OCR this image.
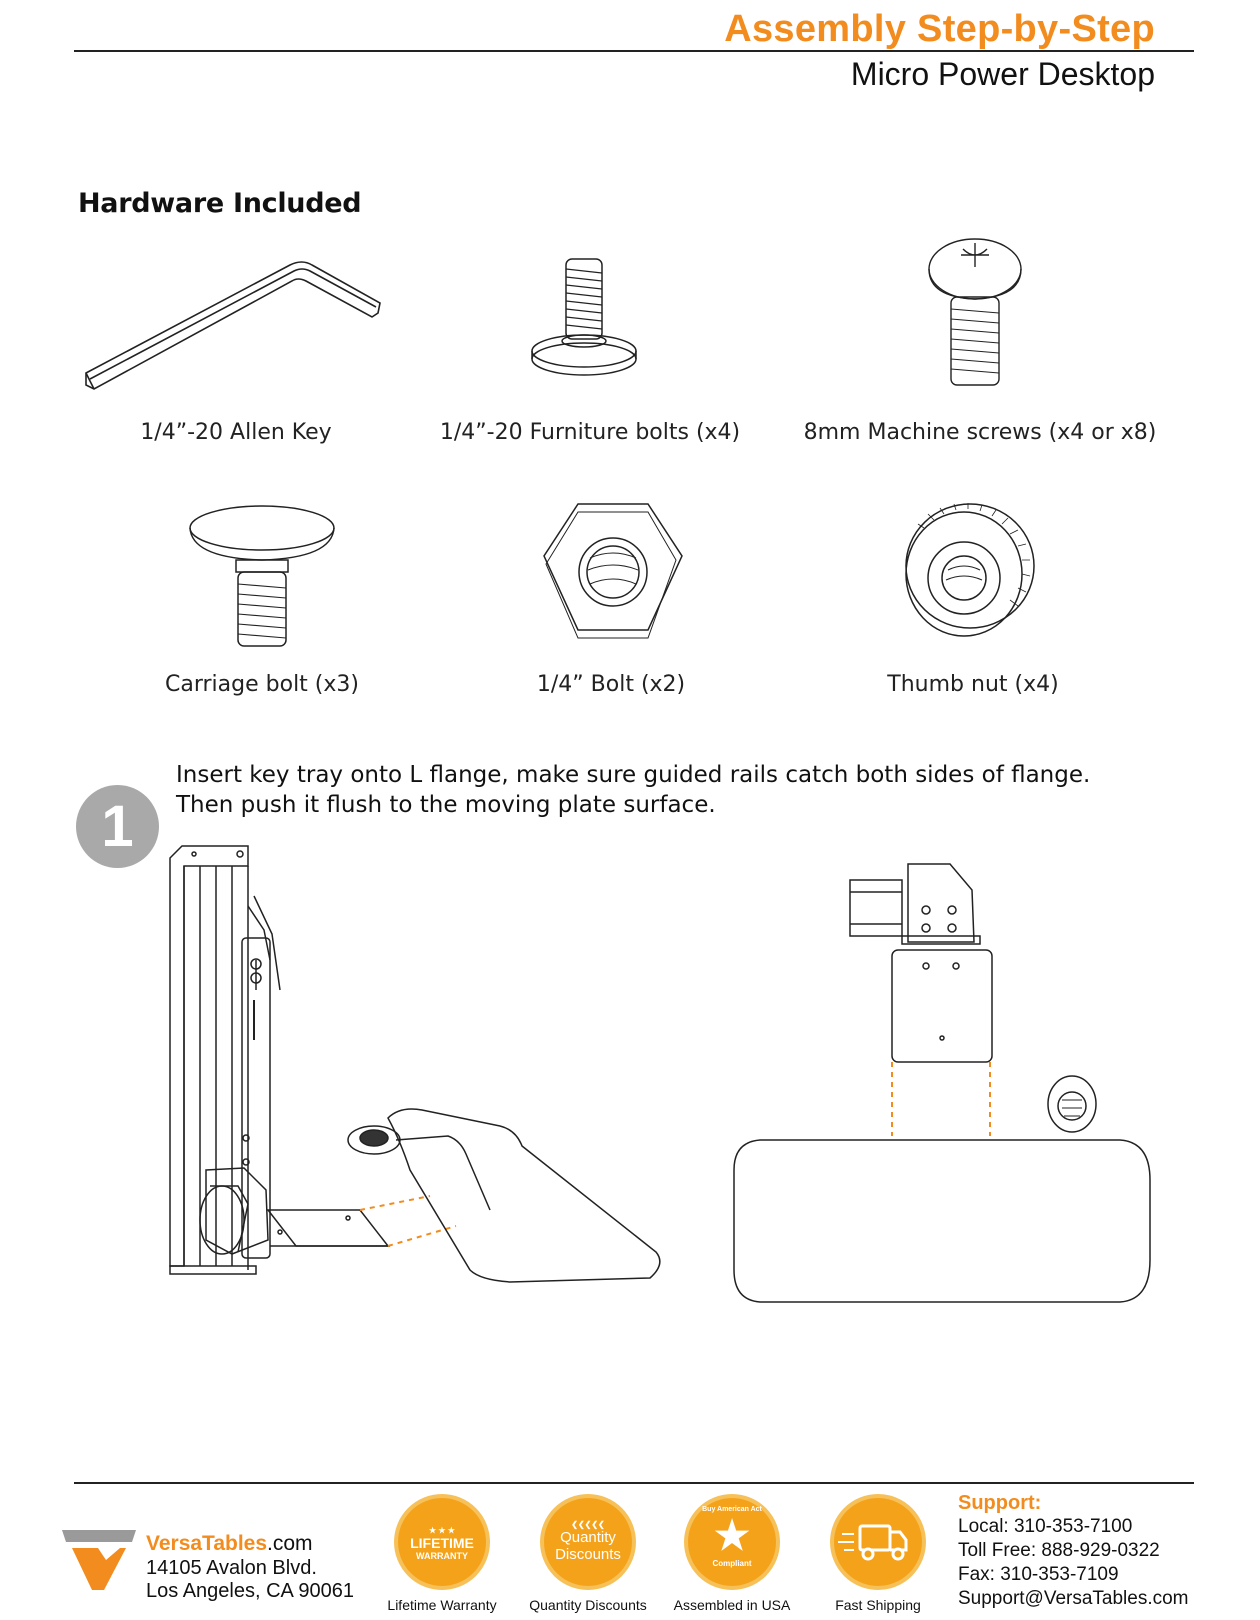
Assembly Step-by-Step
Micro Power Desktop
Hardware Included
1/4”-20 Allen Key	1/4”-20 Furniture bolts (x4)	8mm Machine screws (x4 or x8)
Carriage bolt (x3)	1/4” Bolt (x2)	Thumb nut (x4)
1
Insert key tray onto L flange, make sure guided rails catch both sides of flange.
Then push it flush to the moving plate surface.
VersaTables.com
14105 Avalon Blvd.
Los Angeles, CA 90061
★ ★ ★
LIFETIME
WARRANTY
Lifetime Warranty
❮❮❮❮❮
Quantity
Discounts
Quantity Discounts
Buy American Act
★
Compliant
Assembled in USA	Fast Shipping
Support:
Local: 310-353-7100
Toll Free: 888-929-0322
Fax: 310-353-7109
Support@VersaTables.com
